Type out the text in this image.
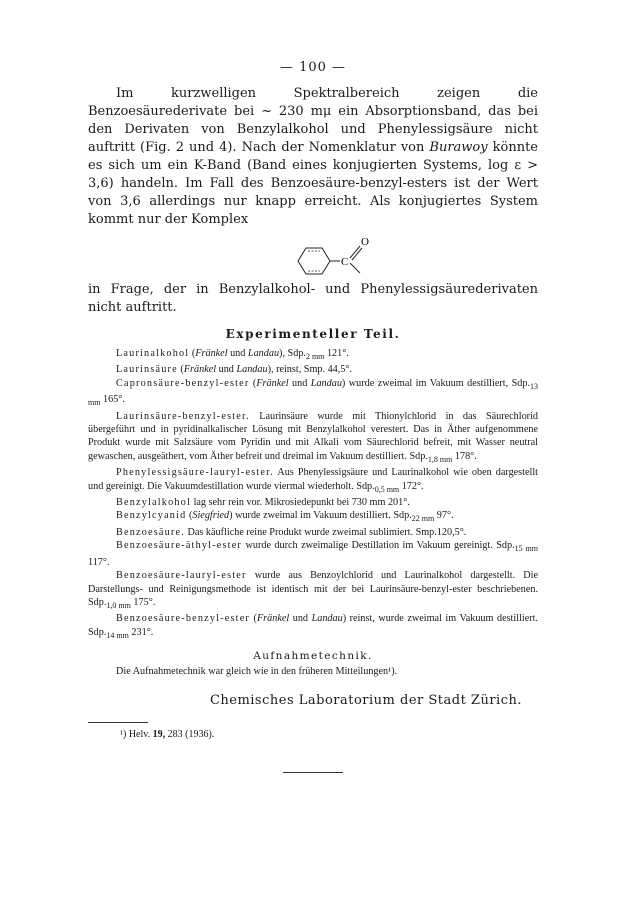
— 100 —

Im kurzwelligen Spektralbereich zeigen die Benzoesäurederivate bei ~ 230 mμ ein Absorptionsband, das bei den Derivaten von Benzylalkohol und Phenylessigsäure nicht auftritt (Fig. 2 und 4). Nach der Nomenklatur von Burawoy könnte es sich um ein K-Band (Band eines konjugierten Systems, log ε > 3,6) handeln. Im Fall des Benzoesäure-benzyl-esters ist der Wert von 3,6 allerdings nur knapp erreicht. Als konjugiertes System kommt nur der Komplex

C
O

in Frage, der in Benzylalkohol- und Phenylessigsäurederivaten nicht auftritt.

Experimenteller Teil.

Laurinalkohol (Fränkel und Landau), $Sdp._{2 mm}$ 121°.

Laurinsäure (Fränkel und Landau), reinst, Smp. 44,5°.

Capronsäure-benzyl-ester (Fränkel und Landau) wurde zweimal im Vakuum destilliert, $Sdp._{13 mm}$ 165°.

Laurinsäure-benzyl-ester. Laurinsäure wurde mit Thionylchlorid in das Säurechlorid übergeführt und in pyridinalkalischer Lösung mit Benzylalkohol verestert. Das in Äther aufgenommene Produkt wurde mit Salzsäure vom Pyridin und mit Alkali vom Säurechlorid befreit, mit Wasser neutral gewaschen, ausgeäthert, vom Äther befreit und dreimal im Vakuum destilliert. $Sdp._{1,8 mm}$ 178°.

Phenylessigsäure-lauryl-ester. Aus Phenylessigsäure und Laurinalkohol wie oben dargestellt und gereinigt. Die Vakuumdestillation wurde viermal wiederholt. $Sdp._{0,5 mm}$ 172°.

Benzylalkohol lag sehr rein vor. Mikrosiedepunkt bei 730 mm 201°.

Benzylcyanid (Siegfried) wurde zweimal im Vakuum destilliert. $Sdp._{22 mm}$ 97°.

Benzoesäure. Das käufliche reine Produkt wurde zweimal sublimiert. Smp.120,5°.

Benzoesäure-äthyl-ester wurde durch zweimalige Destillation im Vakuum gereinigt. $Sdp._{15 mm}$ 117°.

Benzoesäure-lauryl-ester wurde aus Benzoylchlorid und Laurinalkohol dargestellt. Die Darstellungs- und Reinigungsmethode ist identisch mit der bei Laurinsäure-benzyl-ester beschriebenen. $Sdp._{1,0 mm}$ 175°.

Benzoesäure-benzyl-ester (Fränkel und Landau) reinst, wurde zweimal im Vakuum destilliert. $Sdp._{14 mm}$ 231°.

Aufnahmetechnik.

Die Aufnahmetechnik war gleich wie in den früheren Mitteilungen¹).

Chemisches Laboratorium der Stadt Zürich.
¹) Helv. 19, 283 (1936).
